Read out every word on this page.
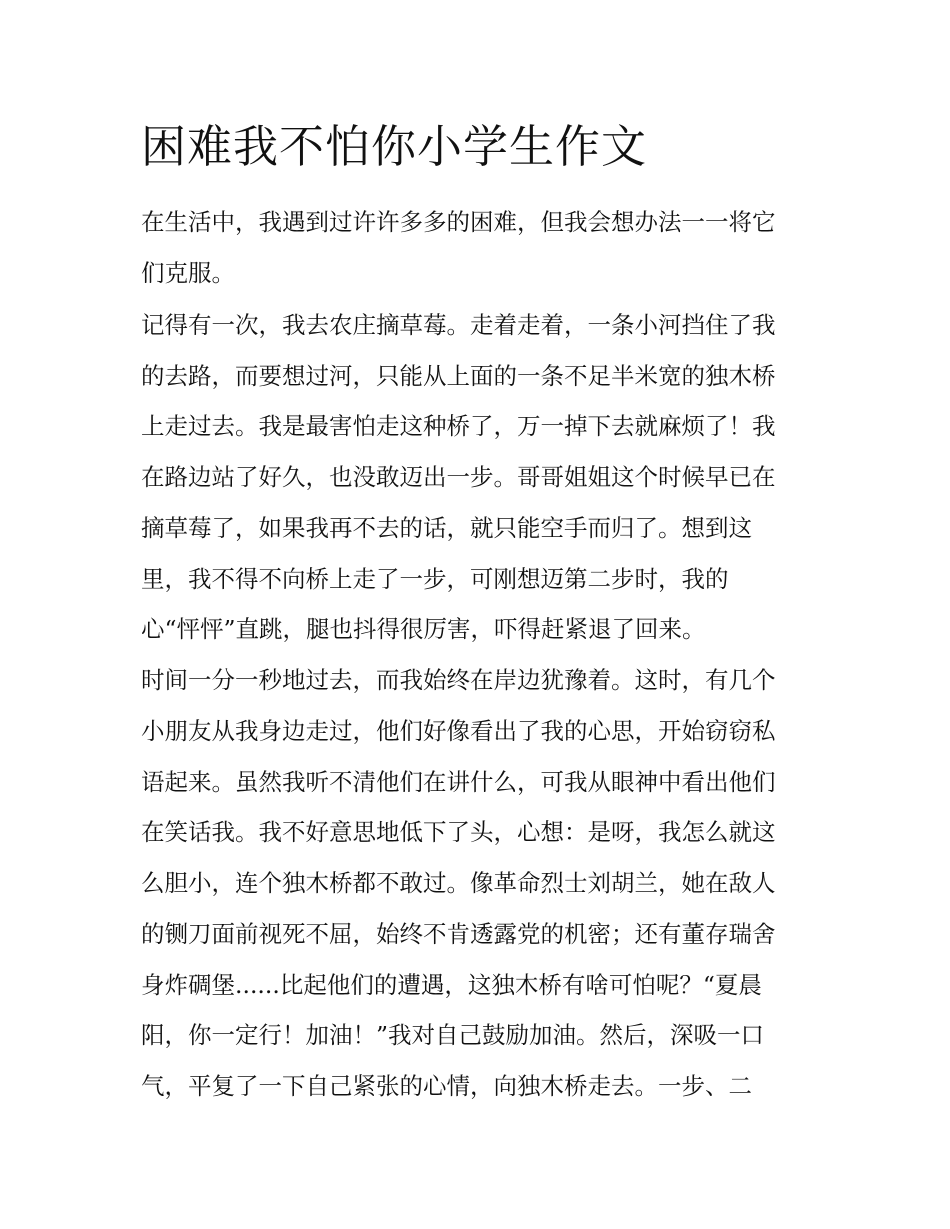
困难我不怕你小学生作文

在生活中，我遇到过许许多多的困难，但我会想办法一一将它

们克服。

记得有一次，我去农庄摘草莓。走着走着，一条小河挡住了我

的去路，而要想过河，只能从上面的一条不足半米宽的独木桥

上走过去。我是最害怕走这种桥了，万一掉下去就麻烦了！我

在路边站了好久，也没敢迈出一步。哥哥姐姐这个时候早已在

摘草莓了，如果我再不去的话，就只能空手而归了。想到这

里，我不得不向桥上走了一步，可刚想迈第二步时，我的

心“怦怦”直跳，腿也抖得很厉害，吓得赶紧退了回来。

时间一分一秒地过去，而我始终在岸边犹豫着。这时，有几个

小朋友从我身边走过，他们好像看出了我的心思，开始窃窃私

语起来。虽然我听不清他们在讲什么，可我从眼神中看出他们

在笑话我。我不好意思地低下了头，心想：是呀，我怎么就这

么胆小，连个独木桥都不敢过。像革命烈士刘胡兰，她在敌人

的铡刀面前视死不屈，始终不肯透露党的机密；还有董存瑞舍

身炸碉堡......比起他们的遭遇，这独木桥有啥可怕呢？“夏晨

阳，你一定行！加油！”我对自己鼓励加油。然后，深吸一口

气，平复了一下自己紧张的心情，向独木桥走去。一步、二
